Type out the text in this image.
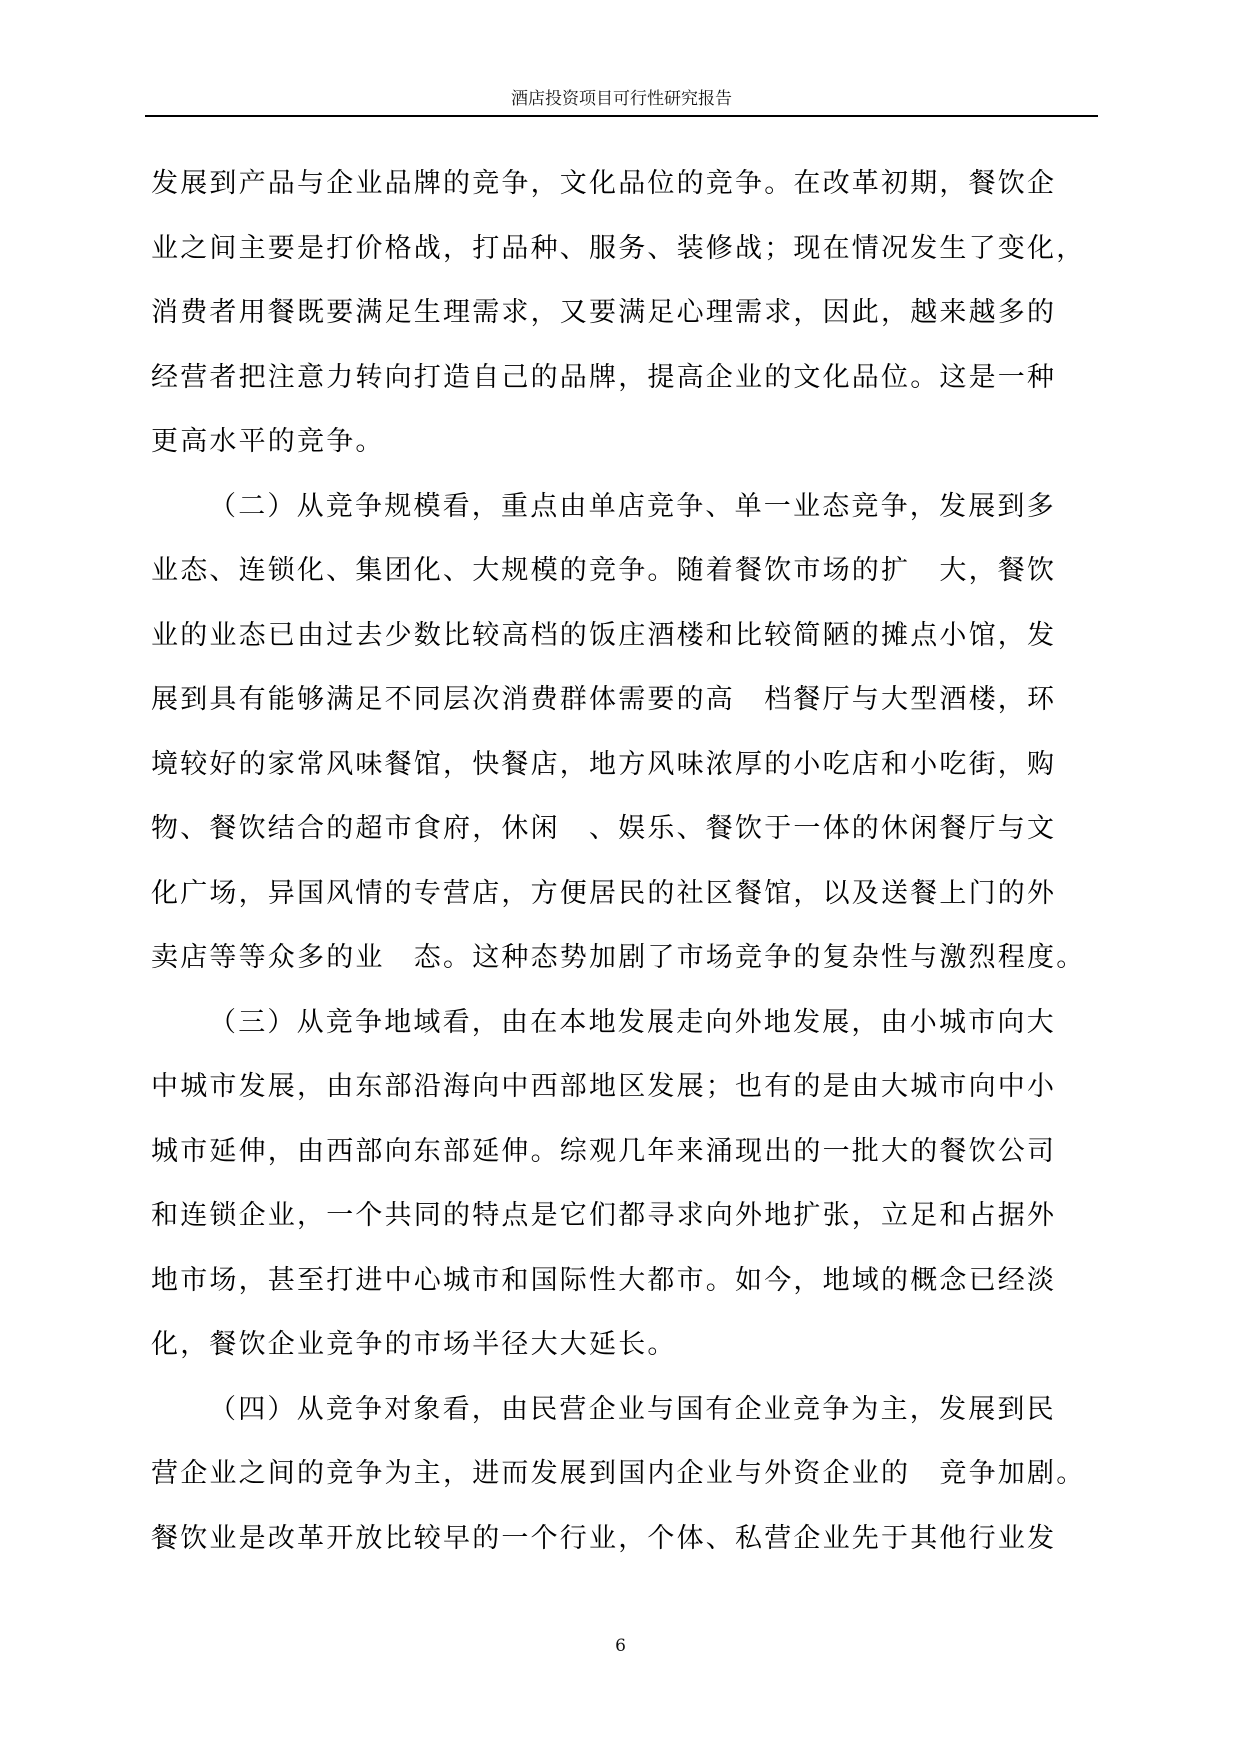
酒店投资项目可行性研究报告
发展到产品与企业品牌的竞争，文化品位的竞争。在改革初期，餐饮企
业之间主要是打价格战，打品种、服务、装修战；现在情况发生了变化，
消费者用餐既要满足生理需求，又要满足心理需求，因此，越来越多的
经营者把注意力转向打造自己的品牌，提高企业的文化品位。这是一种
更高水平的竞争。
（二）从竞争规模看，重点由单店竞争、单一业态竞争，发展到多
业态、连锁化、集团化、大规模的竞争。随着餐饮市场的扩　大，餐饮
业的业态已由过去少数比较高档的饭庄酒楼和比较简陋的摊点小馆，发
展到具有能够满足不同层次消费群体需要的高　档餐厅与大型酒楼，环
境较好的家常风味餐馆，快餐店，地方风味浓厚的小吃店和小吃街，购
物、餐饮结合的超市食府，休闲　、娱乐、餐饮于一体的休闲餐厅与文
化广场，异国风情的专营店，方便居民的社区餐馆，以及送餐上门的外
卖店等等众多的业　态。这种态势加剧了市场竞争的复杂性与激烈程度。
（三）从竞争地域看，由在本地发展走向外地发展，由小城市向大
中城市发展，由东部沿海向中西部地区发展；也有的是由大城市向中小
城市延伸，由西部向东部延伸。综观几年来涌现出的一批大的餐饮公司
和连锁企业，一个共同的特点是它们都寻求向外地扩张，立足和占据外
地市场，甚至打进中心城市和国际性大都市。如今，地域的概念已经淡
化，餐饮企业竞争的市场半径大大延长。
（四）从竞争对象看，由民营企业与国有企业竞争为主，发展到民
营企业之间的竞争为主，进而发展到国内企业与外资企业的　竞争加剧。
餐饮业是改革开放比较早的一个行业，个体、私营企业先于其他行业发
6
